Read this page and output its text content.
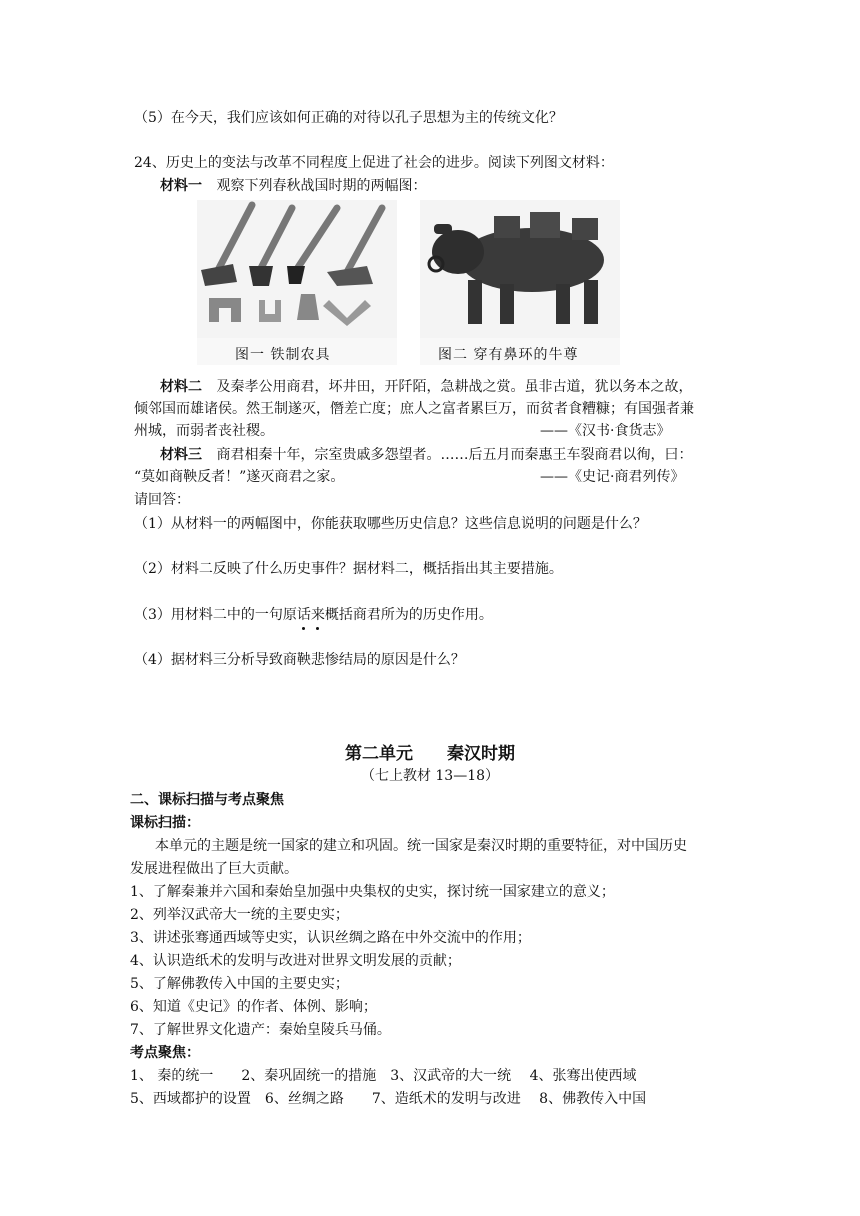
（5）在今天，我们应该如何正确的对待以孔子思想为主的传统文化？
24、历史上的变法与改革不同程度上促进了社会的进步。阅读下列图文材料：
材料一 观察下列春秋战国时期的两幅图：
图一 铁制农具	图二 穿有鼻环的牛尊
材料二 及秦孝公用商君，坏井田，开阡陌，急耕战之赏。虽非古道，犹以务本之故，
倾邻国而雄诸侯。然王制遂灭，僭差亡度；庶人之富者累巨万，而贫者食糟糠；有国强者兼
州城，而弱者丧社稷。	——《汉书·食货志》
材料三 商君相秦十年，宗室贵戚多怨望者。……后五月而秦惠王车裂商君以徇，曰：
“莫如商鞅反者！”遂灭商君之家。	——《史记·商君列传》
请回答：
（1）从材料一的两幅图中，你能获取哪些历史信息？这些信息说明的问题是什么？
（2）材料二反映了什么历史事件？据材料二，概括指出其主要措施。
（3）用材料二中的一句原话来概括商君所为的历史作用。
（4）据材料三分析导致商鞅悲惨结局的原因是什么？
第二单元　　秦汉时期
（七上教材 13—18）
二、课标扫描与考点聚焦
课标扫描：
本单元的主题是统一国家的建立和巩固。统一国家是秦汉时期的重要特征，对中国历史
发展进程做出了巨大贡献。
1、了解秦兼并六国和秦始皇加强中央集权的史实，探讨统一国家建立的意义；
2、列举汉武帝大一统的主要史实；
3、讲述张骞通西域等史实，认识丝绸之路在中外交流中的作用；
4、认识造纸术的发明与改进对世界文明发展的贡献；
5、了解佛教传入中国的主要史实；
6、知道《史记》的作者、体例、影响；
7、了解世界文化遗产：秦始皇陵兵马俑。
考点聚焦：
1、 秦的统一　　2、秦巩固统一的措施　3、汉武帝的大一统　 4、张骞出使西域
5、西域都护的设置　6、丝绸之路　　7、造纸术的发明与改进　 8、佛教传入中国
